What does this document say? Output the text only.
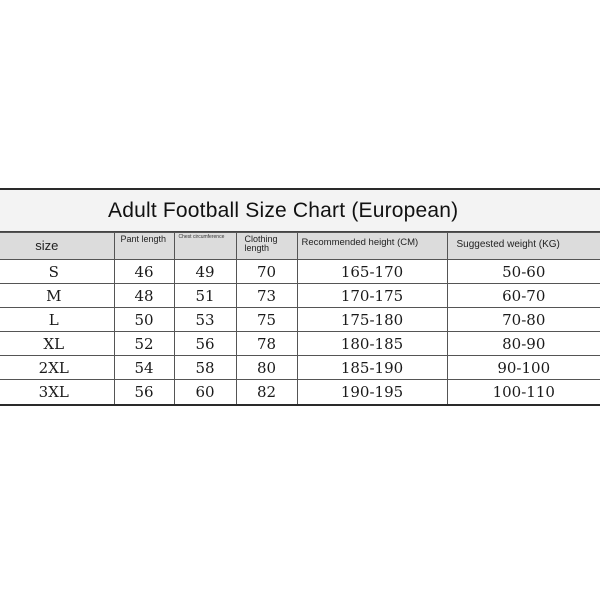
Adult Football Size Chart (European)
size	Pant length	Chest circumference	Clothing length	Recommended height (CM)	Suggested weight (KG)
S	46	49	70	165-170	50-60
M	48	51	73	170-175	60-70
L	50	53	75	175-180	70-80
XL	52	56	78	180-185	80-90
2XL	54	58	80	185-190	90-100
3XL	56	60	82	190-195	100-110
